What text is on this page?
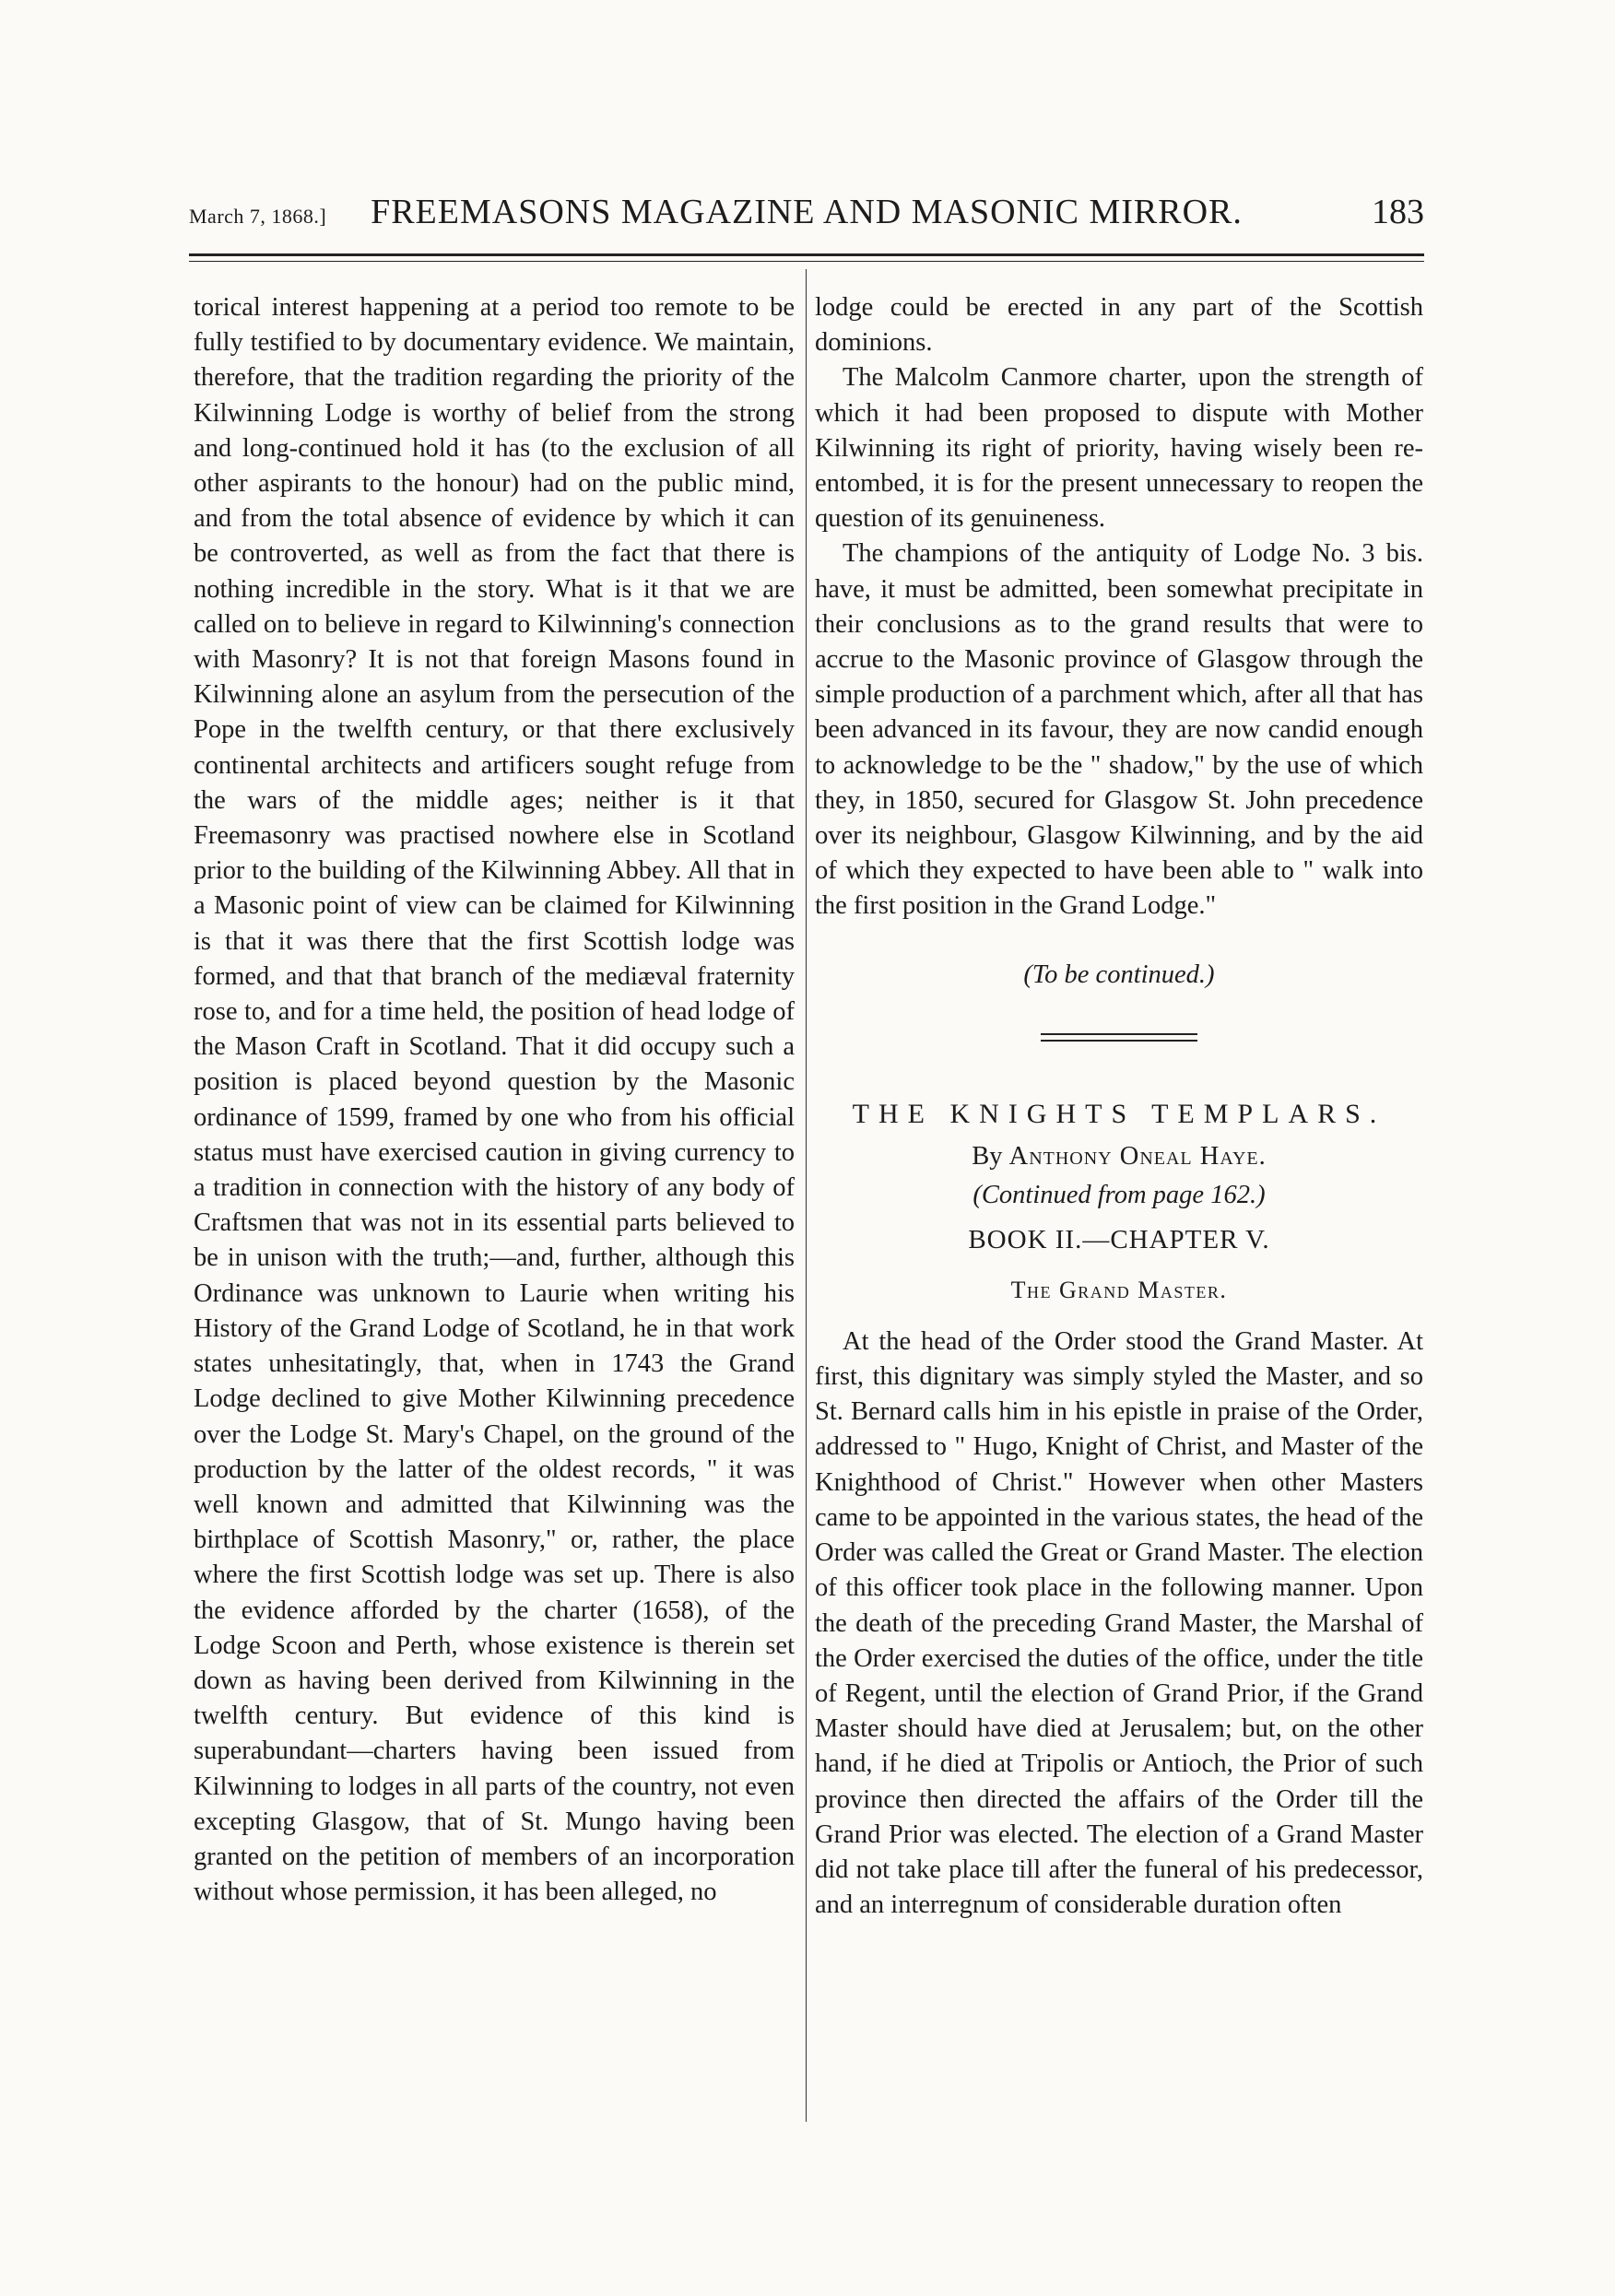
March 7, 1868.]	FREEMASONS MAGAZINE AND MASONIC MIRROR.	183

torical interest happening at a period too remote to be fully testified to by documentary evidence. We maintain, therefore, that the tradition regarding the priority of the Kilwinning Lodge is worthy of belief from the strong and long-continued hold it has (to the exclusion of all other aspirants to the honour) had on the public mind, and from the total absence of evidence by which it can be controverted, as well as from the fact that there is nothing incredible in the story. What is it that we are called on to believe in regard to Kilwinning's connection with Masonry? It is not that foreign Masons found in Kilwinning alone an asylum from the persecution of the Pope in the twelfth century, or that there exclusively continental architects and artificers sought refuge from the wars of the middle ages; neither is it that Freemasonry was practised nowhere else in Scotland prior to the building of the Kilwinning Abbey. All that in a Masonic point of view can be claimed for Kilwinning is that it was there that the first Scottish lodge was formed, and that that branch of the mediæval fraternity rose to, and for a time held, the position of head lodge of the Mason Craft in Scotland. That it did occupy such a position is placed beyond question by the Masonic ordinance of 1599, framed by one who from his official status must have exercised caution in giving currency to a tradition in connection with the history of any body of Craftsmen that was not in its essential parts believed to be in unison with the truth;—and, further, although this Ordinance was unknown to Laurie when writing his History of the Grand Lodge of Scotland, he in that work states unhesitatingly, that, when in 1743 the Grand Lodge declined to give Mother Kilwinning precedence over the Lodge St. Mary's Chapel, on the ground of the production by the latter of the oldest records, " it was well known and admitted that Kilwinning was the birthplace of Scottish Masonry," or, rather, the place where the first Scottish lodge was set up. There is also the evidence afforded by the charter (1658), of the Lodge Scoon and Perth, whose existence is therein set down as having been derived from Kilwinning in the twelfth century. But evidence of this kind is superabundant—charters having been issued from Kilwinning to lodges in all parts of the country, not even excepting Glasgow, that of St. Mungo having been granted on the petition of members of an incorporation without whose permission, it has been alleged, no

lodge could be erected in any part of the Scottish dominions.

The Malcolm Canmore charter, upon the strength of which it had been proposed to dispute with Mother Kilwinning its right of priority, having wisely been re-entombed, it is for the present unnecessary to reopen the question of its genuineness.

The champions of the antiquity of Lodge No. 3 bis. have, it must be admitted, been somewhat precipitate in their conclusions as to the grand results that were to accrue to the Masonic province of Glasgow through the simple production of a parchment which, after all that has been advanced in its favour, they are now candid enough to acknowledge to be the " shadow," by the use of which they, in 1850, secured for Glasgow St. John precedence over its neighbour, Glasgow Kilwinning, and by the aid of which they expected to have been able to " walk into the first position in the Grand Lodge."

(To be continued.)

THE KNIGHTS TEMPLARS.

By Anthony Oneal Haye.

(Continued from page 162.)

BOOK II.—CHAPTER V.

The Grand Master.

At the head of the Order stood the Grand Master. At first, this dignitary was simply styled the Master, and so St. Bernard calls him in his epistle in praise of the Order, addressed to " Hugo, Knight of Christ, and Master of the Knighthood of Christ." However when other Masters came to be appointed in the various states, the head of the Order was called the Great or Grand Master. The election of this officer took place in the following manner. Upon the death of the preceding Grand Master, the Marshal of the Order exercised the duties of the office, under the title of Regent, until the election of Grand Prior, if the Grand Master should have died at Jerusalem; but, on the other hand, if he died at Tripolis or Antioch, the Prior of such province then directed the affairs of the Order till the Grand Prior was elected. The election of a Grand Master did not take place till after the funeral of his predecessor, and an interregnum of considerable duration often
